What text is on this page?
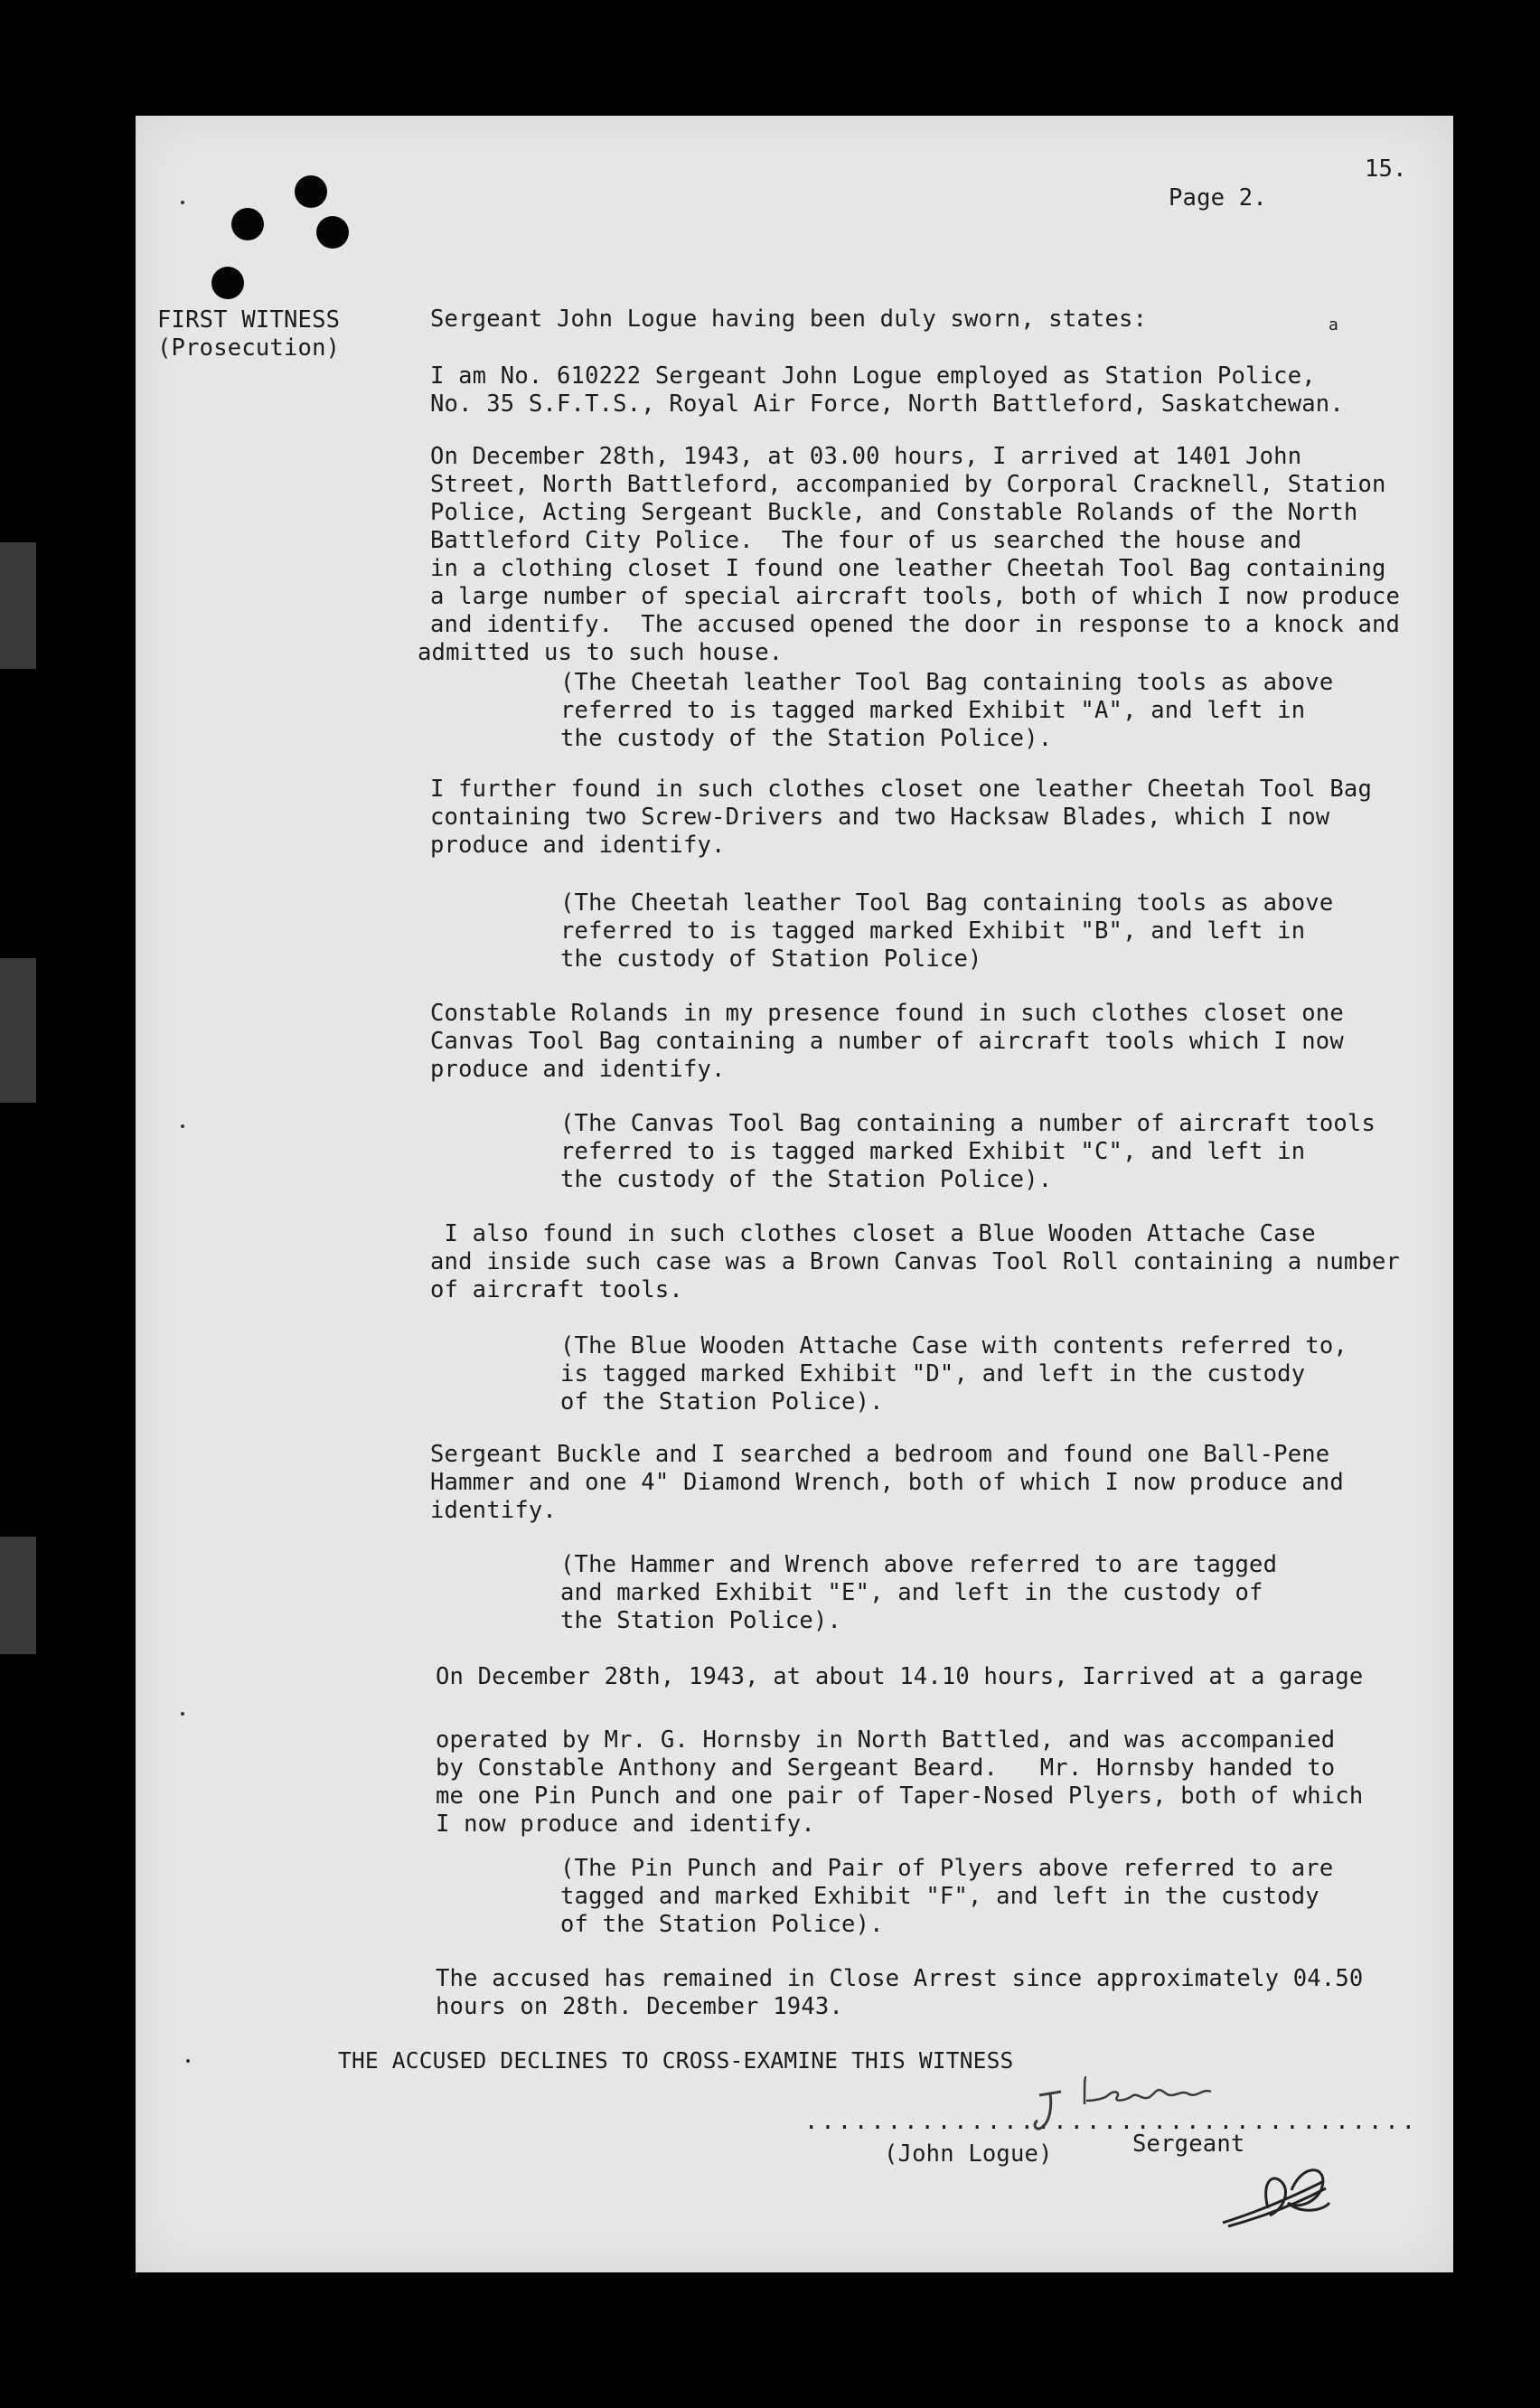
15.
Page 2.
FIRST WITNESS
(Prosecution)
a
Sergeant John Logue having been duly sworn, states:
I am No. 610222 Sergeant John Logue employed as Station Police,
No. 35 S.F.T.S., Royal Air Force, North Battleford, Saskatchewan.
On December 28th, 1943, at 03.00 hours, I arrived at 1401 John
Street, North Battleford, accompanied by Corporal Cracknell, Station
Police, Acting Sergeant Buckle, and Constable Rolands of the North
Battleford City Police.  The four of us searched the house and
in a clothing closet I found one leather Cheetah Tool Bag containing
a large number of special aircraft tools, both of which I now produce
and identify.  The accused opened the door in response to a knock and
admitted us to such house.
(The Cheetah leather Tool Bag containing tools as above
referred to is tagged marked Exhibit "A", and left in
the custody of the Station Police).
I further found in such clothes closet one leather Cheetah Tool Bag
containing two Screw-Drivers and two Hacksaw Blades, which I now
produce and identify.
(The Cheetah leather Tool Bag containing tools as above
referred to is tagged marked Exhibit "B", and left in
the custody of Station Police)
Constable Rolands in my presence found in such clothes closet one
Canvas Tool Bag containing a number of aircraft tools which I now
produce and identify.
(The Canvas Tool Bag containing a number of aircraft tools
referred to is tagged marked Exhibit "C", and left in
the custody of the Station Police).
I also found in such clothes closet a Blue Wooden Attache Case
and inside such case was a Brown Canvas Tool Roll containing a number
of aircraft tools.
(The Blue Wooden Attache Case with contents referred to,
is tagged marked Exhibit "D", and left in the custody
of the Station Police).
Sergeant Buckle and I searched a bedroom and found one Ball-Pene
Hammer and one 4" Diamond Wrench, both of which I now produce and
identify.
(The Hammer and Wrench above referred to are tagged
and marked Exhibit "E", and left in the custody of
the Station Police).
On December 28th, 1943, at about 14.10 hours, Iarrived at a garage
operated by Mr. G. Hornsby in North Battled, and was accompanied
by Constable Anthony and Sergeant Beard.   Mr. Hornsby handed to
me one Pin Punch and one pair of Taper-Nosed Plyers, both of which
I now produce and identify.
(The Pin Punch and Pair of Plyers above referred to are
tagged and marked Exhibit "F", and left in the custody
of the Station Police).
The accused has remained in Close Arrest since approximately 04.50
hours on 28th. December 1943.
THE ACCUSED DECLINES TO CROSS-EXAMINE THIS WITNESS
.....................................
(John Logue)	Sergeant
